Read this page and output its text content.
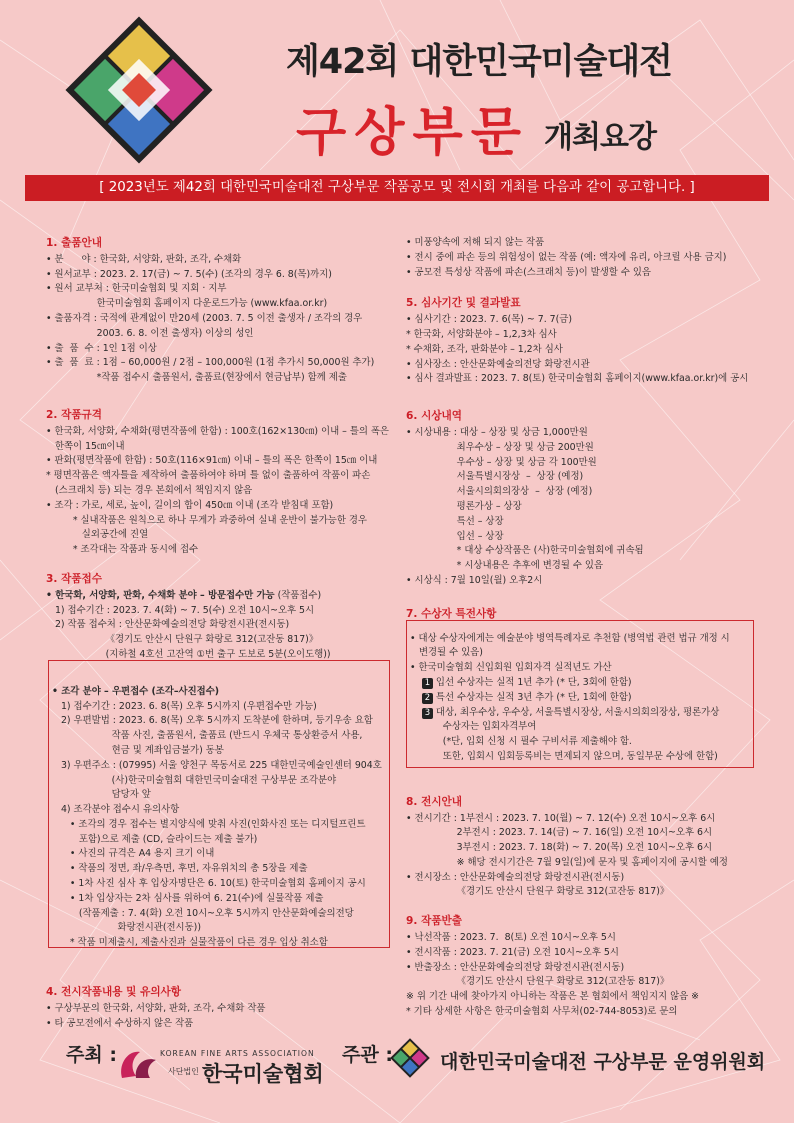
제42회 대한민국미술대전
구상부문 개최요강
[ 2023년도 제42회 대한민국미술대전 구상부문 작품공모 및 전시회 개최를 다음과 같이 공고합니다. ]
1. 출품안내
• 분      야 : 한국화, 서양화, 판화, 조각, 수채화
• 원서교부 : 2023. 2. 17(금) ~ 7. 5(수) (조각의 경우 6. 8(목)까지)
• 원서 교부처 : 한국미술협회 및 지회 · 지부
한국미술협회 홈페이지 다운로드가능 (www.kfaa.or.kr)
• 출품자격 : 국적에 관계없이 만20세 (2003. 7. 5 이전 출생자 / 조각의 경우
2003. 6. 8. 이전 출생자) 이상의 성인
• 출  품  수 : 1인 1점 이상
• 출  품  료 : 1점 – 60,000원 / 2점 – 100,000원 (1점 추가시 50,000원 추가)
*작품 접수시 출품원서, 출품료(현장에서 현금납부) 함께 제출
2. 작품규격
• 한국화, 서양화, 수채화(평면작품에 한함) : 100호(162×130㎝) 이내 – 틀의 폭은
한쪽이 15㎝이내
• 판화(평면작품에 한함) : 50호(116×91㎝) 이내 – 틀의 폭은 한쪽이 15㎝ 이내
* 평면작품은 액자틀을 제작하여 출품하여야 하며 틀 없이 출품하여 작품이 파손
(스크래치 등) 되는 경우 본회에서 책임지지 않음
• 조각 : 가로, 세로, 높이, 길이의 합이 450㎝ 이내 (조각 받침대 포함)
* 실내작품은 원칙으로 하나 무게가 과중하여 실내 운반이 불가능한 경우
실외공간에 진열
* 조각대는 작품과 동시에 접수
3. 작품접수
• 한국화, 서양화, 판화, 수채화 분야 – 방문접수만 가능 (작품접수)
1) 접수기간 : 2023. 7. 4(화) ~ 7. 5(수) 오전 10시~오후 5시
2) 작품 접수처 : 안산문화예술의전당 화랑전시관(전시동)
《경기도 안산시 단원구 화랑로 312(고잔동 817)》
(지하철 4호선 고잔역 ①번 출구 도보로 5분(오이도행))
• 조각 분야 – 우편접수 (조각–사진접수)
1) 접수기간 : 2023. 6. 8(목) 오후 5시까지 (우편접수만 가능)
2) 우편발법 : 2023. 6. 8(목) 오후 5시까지 도착분에 한하며, 등기우송 요함
작품 사진, 출품원서, 출품료 (반드시 우체국 통상환증서 사용,
현금 및 계좌입금불가) 동봉
3) 우편주소 : (07995) 서울 양천구 목동서로 225 대한민국예술인센터 904호
(사)한국미술협회 대한민국미술대전 구상부문 조각분야
담당자 앞
4) 조각분야 접수시 유의사항
• 조각의 경우 접수는 별지양식에 맞춰 사진(인화사진 또는 디지털프린트
포함)으로 제출 (CD, 슬라이드는 제출 불가)
• 사진의 규격은 A4 용지 크기 이내
• 작품의 정면, 좌/우측면, 후면, 자유위치의 총 5장을 제출
• 1차 사진 심사 후 입상자명단은 6. 10(토) 한국미술협회 홈페이지 공시
• 1차 입상자는 2차 심사를 위하여 6. 21(수)에 실물작품 제출
(작품제출 : 7. 4(화) 오전 10시~오후 5시까지 안산문화예술의전당
화랑전시관(전시동))
* 작품 미제출시, 제출사진과 실물작품이 다른 경우 입상 취소함
4. 전시작품내용 및 유의사항
• 구상부문의 한국화, 서양화, 판화, 조각, 수채화 작품
• 타 공모전에서 수상하지 않은 작품
• 미풍양속에 저해 되지 않는 작품
• 전시 중에 파손 등의 위험성이 없는 작품 (예: 액자에 유리, 아크릴 사용 금지)
• 공모전 특성상 작품에 파손(스크래치 등)이 발생할 수 있음
5. 심사기간 및 결과발표
• 심사기간 : 2023. 7. 6(목) ~ 7. 7(금)
* 한국화, 서양화분야 – 1,2,3차 심사
* 수채화, 조각, 판화분야 – 1,2차 심사
• 심사장소 : 안산문화예술의전당 화랑전시관
• 심사 결과발표 : 2023. 7. 8(토) 한국미술협회 홈페이지(www.kfaa.or.kr)에 공시
6. 시상내역
• 시상내용 : 대상 – 상장 및 상금 1,000만원
최우수상 – 상장 및 상금 200만원
우수상 – 상장 및 상금 각 100만원
서울특별시장상  –  상장 (예정)
서울시의회의장상  –  상장 (예정)
평론가상 – 상장
특선 – 상장
입선 – 상장
* 대상 수상작품은 (사)한국미술협회에 귀속됨
* 시상내용은 추후에 변경될 수 있음
• 시상식 : 7월 10일(월) 오후2시
7. 수상자 특전사항
• 대상 수상자에게는 예술분야 병역특례자로 추천함 (병역법 관련 법규 개정 시
변경될 수 있음)
• 한국미술협회 신입회원 입회자격 실적년도 가산
1 입선 수상자는 실적 1년 추가 (* 단, 3회에 한함)
2 특선 수상자는 실적 3년 추가 (* 단, 1회에 한함)
3 대상, 최우수상, 우수상, 서울특별시장상, 서울시의회의장상, 평론가상
수상자는 입회자격부여
(*단, 입회 신청 시 필수 구비서류 제출해야 함.
또한, 입회시 입회등록비는 면제되지 않으며, 동일부문 수상에 한함)
8. 전시안내
• 전시기간 : 1부전시 : 2023. 7. 10(월) ~ 7. 12(수) 오전 10시~오후 6시
2부전시 : 2023. 7. 14(금) ~ 7. 16(일) 오전 10시~오후 6시
3부전시 : 2023. 7. 18(화) ~ 7. 20(목) 오전 10시~오후 6시
※ 해당 전시기간은 7월 9일(일)에 문자 및 홈페이지에 공시할 예정
• 전시장소 : 안산문화예술의전당 화랑전시관(전시동)
《경기도 안산시 단원구 화랑로 312(고잔동 817)》
9. 작품반출
• 낙선작품 : 2023. 7.  8(토) 오전 10시~오후 5시
• 전시작품 : 2023. 7. 21(금) 오전 10시~오후 5시
• 반출장소 : 안산문화예술의전당 화랑전시관(전시동)
《경기도 안산시 단원구 화랑로 312(고잔동 817)》
※ 위 기간 내에 찾아가지 아니하는 작품은 본 협회에서 책임지지 않음 ※
* 기타 상세한 사항은 한국미술협회 사무처(02-744-8053)로 문의
주최 :	KOREAN FINE ARTS ASSOCIATION
사단법인 한국미술협회
주관 : 대한민국미술대전 구상부문 운영위원회
